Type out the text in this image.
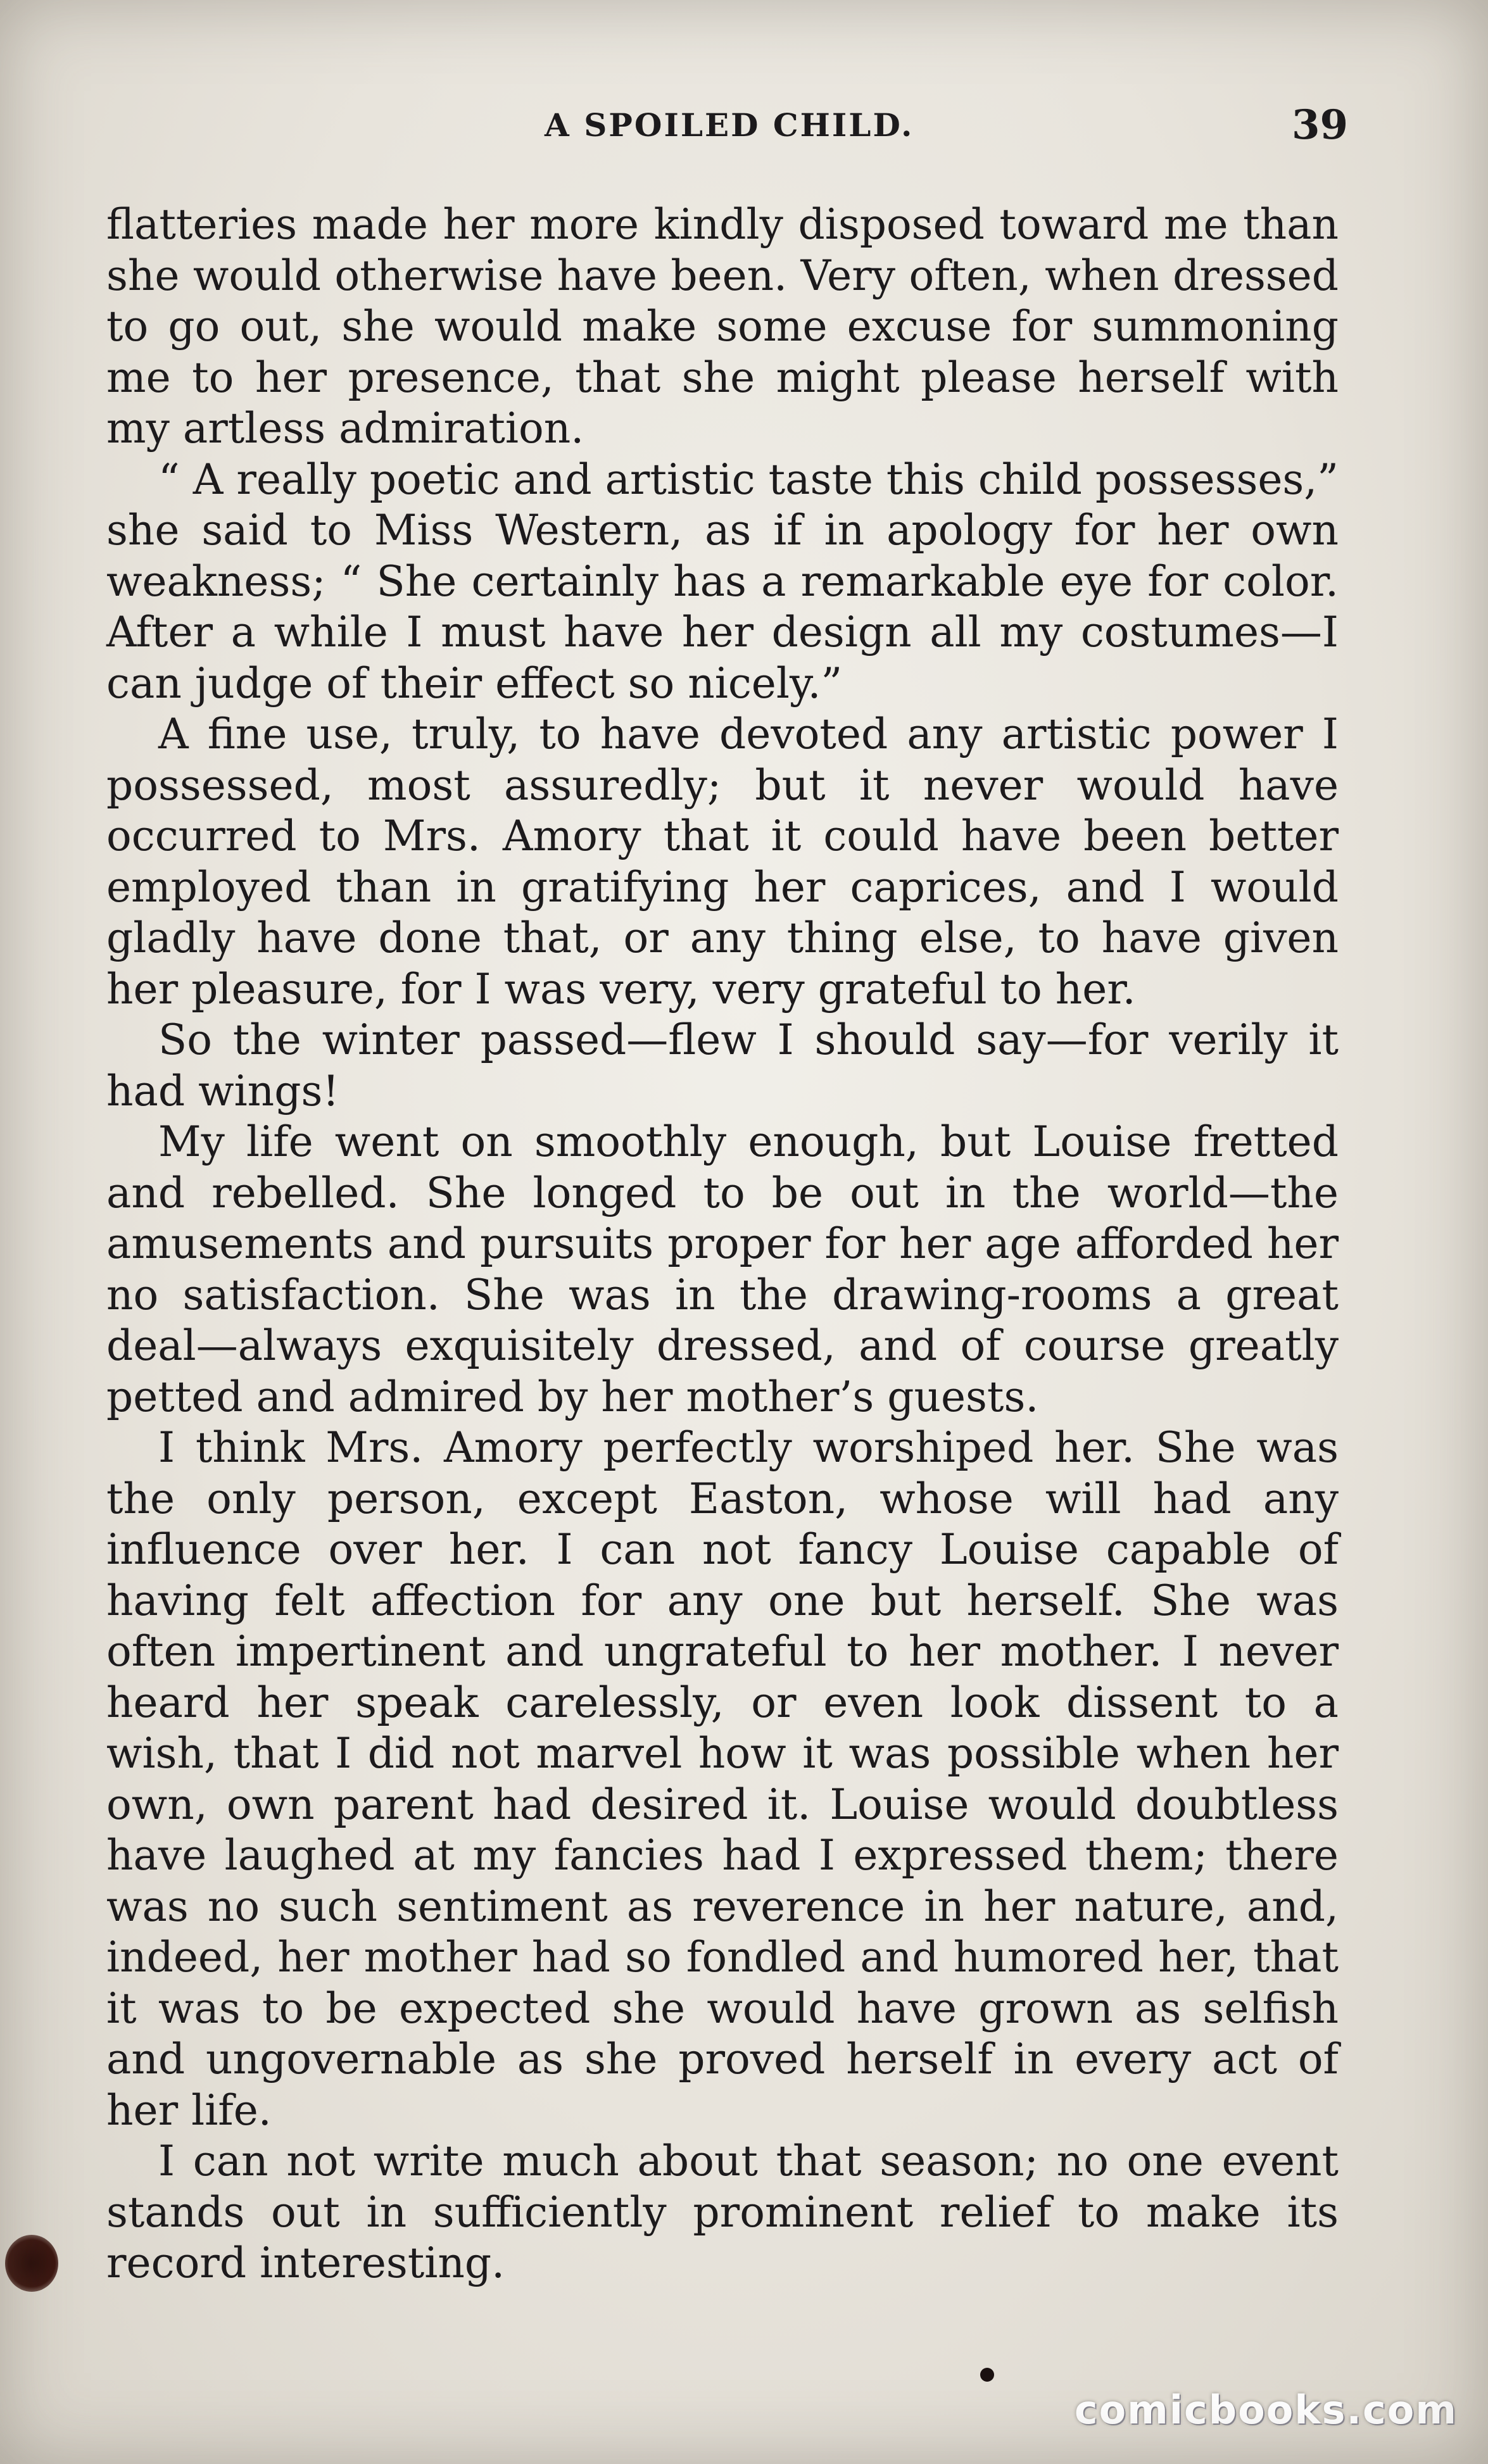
A SPOILED CHILD.	39

flatteries made her more kindly disposed toward me than she would otherwise have been. Very often, when dressed to go out, she would make some excuse for summoning me to her presence, that she might please herself with my artless admiration.

“ A really poetic and artistic taste this child possesses,” she said to Miss Western, as if in apology for her own weakness; “ She certainly has a remarkable eye for color. After a while I must have her design all my costumes—I can judge of their effect so nicely.”

A fine use, truly, to have devoted any artistic power I possessed, most assuredly; but it never would have occurred to Mrs. Amory that it could have been better employed than in gratifying her caprices, and I would gladly have done that, or any thing else, to have given her pleasure, for I was very, very grateful to her.

So the winter passed—flew I should say—for verily it had wings!

My life went on smoothly enough, but Louise fretted and rebelled. She longed to be out in the world—the amusements and pursuits proper for her age afforded her no satisfaction. She was in the drawing-rooms a great deal—always exquisitely dressed, and of course greatly petted and admired by her mother’s guests.

I think Mrs. Amory perfectly worshiped her. She was the only person, except Easton, whose will had any influence over her. I can not fancy Louise capable of having felt affection for any one but herself. She was often impertinent and ungrateful to her mother. I never heard her speak carelessly, or even look dissent to a wish, that I did not marvel how it was possible when her own, own parent had desired it. Louise would doubtless have laughed at my fancies had I expressed them; there was no such sentiment as reverence in her nature, and, indeed, her mother had so fondled and humored her, that it was to be expected she would have grown as selfish and ungovernable as she proved herself in every act of her life.

I can not write much about that season; no one event stands out in sufficiently prominent relief to make its record interesting.

comicbooks.com
